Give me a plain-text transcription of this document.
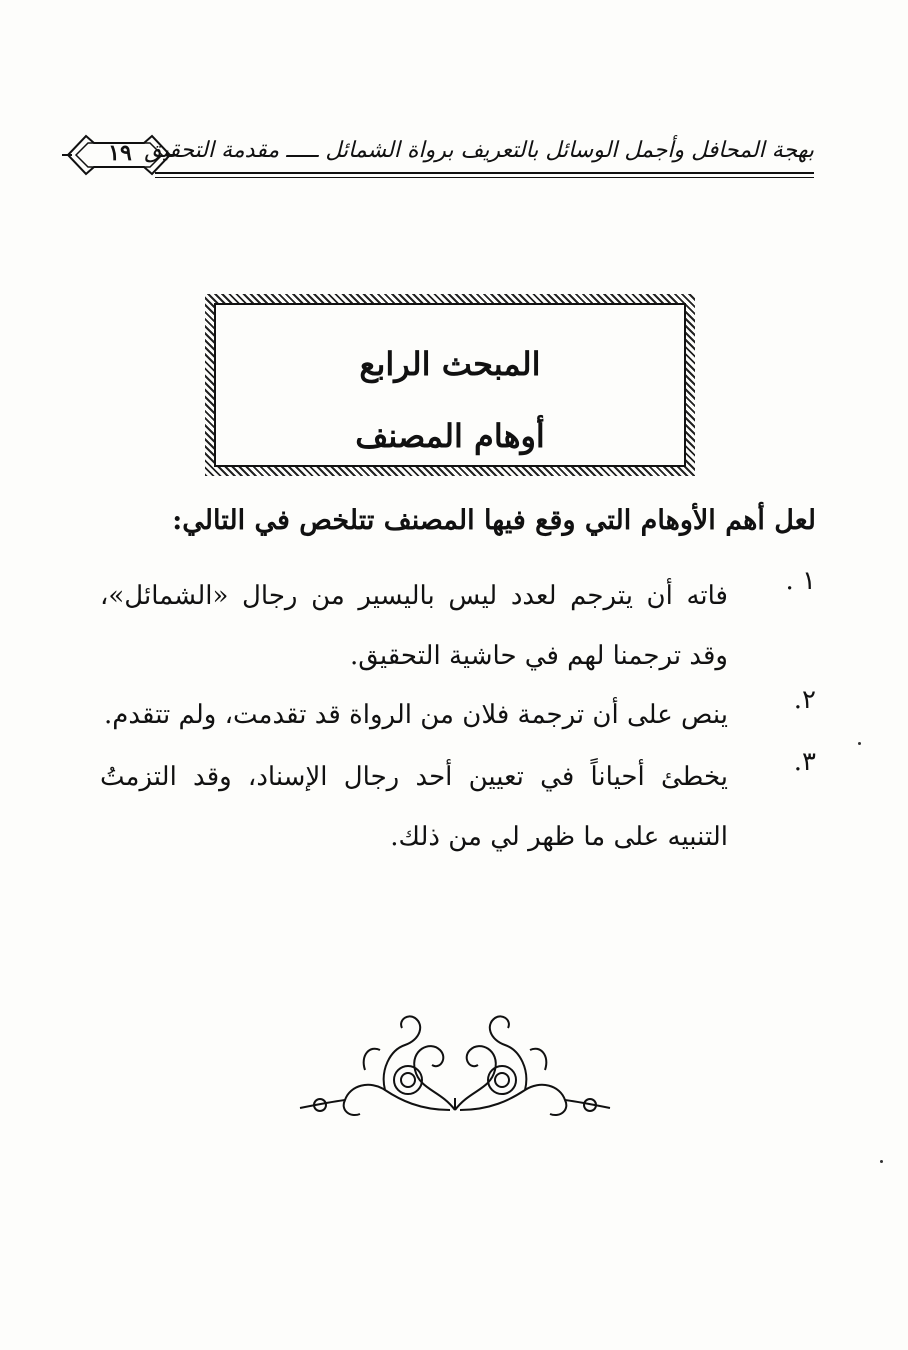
بهجة المحافل وأجمل الوسائل بالتعريف برواة الشمائل ـــــ مقدمة التحقيق
١٩
المبحث الرابع
أوهام المصنف
لعل أهم الأوهام التي وقع فيها المصنف تتلخص في التالي:
١ .
فاته أن يترجم لعدد ليس باليسير من رجال «الشمائل»، وقد ترجمنا لهم في حاشية التحقيق.
٢.
ينص على أن ترجمة فلان من الرواة قد تقدمت، ولم تتقدم.
٣.
يخطئ أحياناً في تعيين أحد رجال الإسناد، وقد التزمتُ التنبيه على ما ظهر لي من ذلك.
